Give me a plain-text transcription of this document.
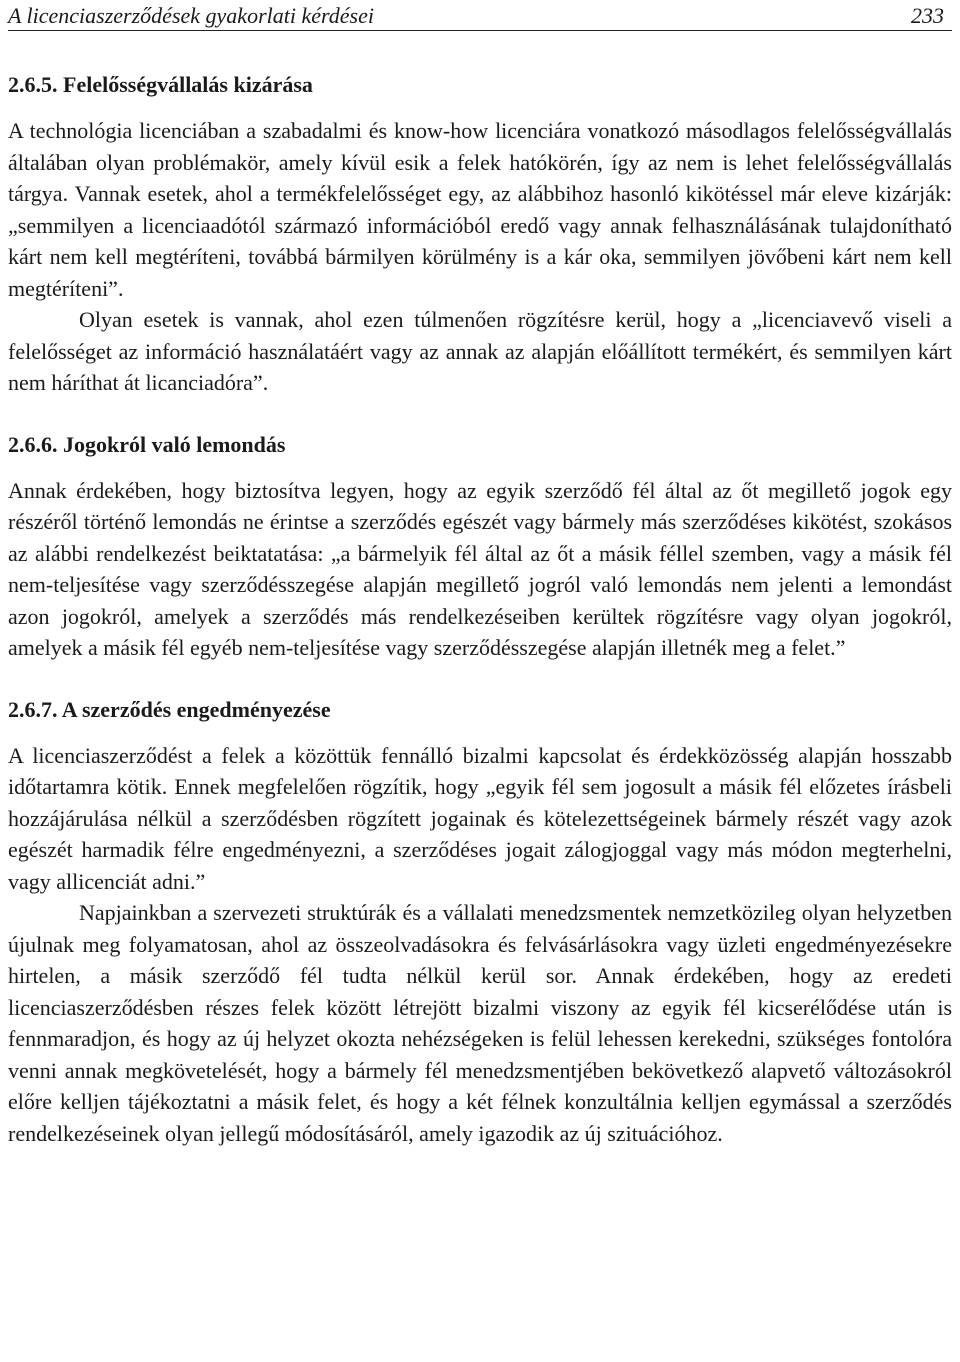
A licenciaszerződések gyakorlati kérdései	233
2.6.5. Felelősségvállalás kizárása

A technológia licenciában a szabadalmi és know-how licenciára vonatkozó másodlagos felelősségvállalás általában olyan problémakör, amely kívül esik a felek hatókörén, így az nem is lehet felelősségvállalás tárgya. Vannak esetek, ahol a termékfelelősséget egy, az alábbihoz hasonló kikötéssel már eleve kizárják: „semmilyen a licenciaadótól származó információból eredő vagy annak felhasználásának tulajdonítható kárt nem kell megtéríteni, továbbá bármilyen körülmény is a kár oka, semmilyen jövőbeni kárt nem kell megtéríteni”.

Olyan esetek is vannak, ahol ezen túlmenően rögzítésre kerül, hogy a „licenciavevő viseli a felelősséget az információ használatáért vagy az annak az alapján előállított termékért, és semmilyen kárt nem háríthat át licanciadóra”.

2.6.6. Jogokról való lemondás

Annak érdekében, hogy biztosítva legyen, hogy az egyik szerződő fél által az őt megillető jogok egy részéről történő lemondás ne érintse a szerződés egészét vagy bármely más szerződéses kikötést, szokásos az alábbi rendelkezést beiktatatása: „a bármelyik fél által az őt a másik féllel szemben, vagy a másik fél nem-teljesítése vagy szerződésszegése alapján megillető jogról való lemondás nem jelenti a lemondást azon jogokról, amelyek a szerződés más rendelkezéseiben kerültek rögzítésre vagy olyan jogokról, amelyek a másik fél egyéb nem-teljesítése vagy szerződésszegése alapján illetnék meg a felet.”

2.6.7. A szerződés engedményezése

A licenciaszerződést a felek a közöttük fennálló bizalmi kapcsolat és érdekközösség alapján hosszabb időtartamra kötik. Ennek megfelelően rögzítik, hogy „egyik fél sem jogosult a másik fél előzetes írásbeli hozzájárulása nélkül a szerződésben rögzített jogainak és kötelezettségeinek bármely részét vagy azok egészét harmadik félre engedményezni, a szerződéses jogait zálogjoggal vagy más módon megterhelni, vagy allicenciát adni.”

Napjainkban a szervezeti struktúrák és a vállalati menedzsmentek nemzetközileg olyan helyzetben újulnak meg folyamatosan, ahol az összeolvadásokra és felvásárlásokra vagy üzleti engedményezésekre hirtelen, a másik szerződő fél tudta nélkül kerül sor. Annak érdekében, hogy az eredeti licenciaszerződésben részes felek között létrejött bizalmi viszony az egyik fél kicserélődése után is fennmaradjon, és hogy az új helyzet okozta nehézségeken is felül lehessen kerekedni, szükséges fontolóra venni annak megkövetelését, hogy a bármely fél menedzsmentjében bekövetkező alapvető változásokról előre kelljen tájékoztatni a másik felet, és hogy a két félnek konzultálnia kelljen egymással a szerződés rendelkezéseinek olyan jellegű módosításáról, amely igazodik az új szituációhoz.
